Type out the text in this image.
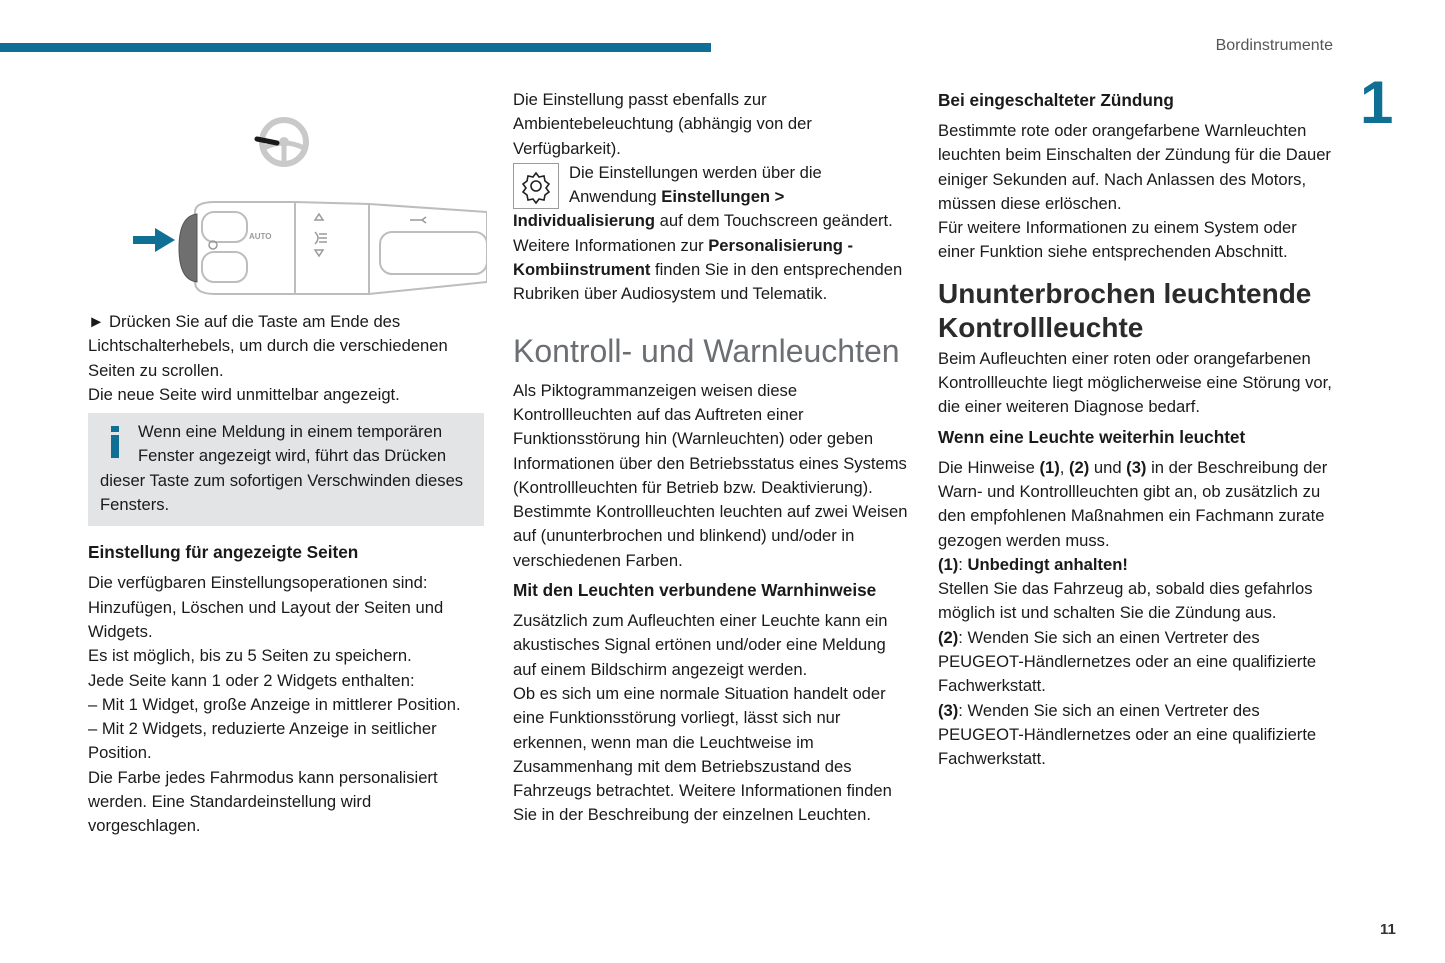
Bordinstrumente
1
11
AUTO

► Drücken Sie auf die Taste am Ende des Lichtschalterhebels, um durch die verschiedenen Seiten zu scrollen.

Die neue Seite wird unmittelbar angezeigt.

Wenn eine Meldung in einem temporären Fenster angezeigt wird, führt das Drücken

dieser Taste zum sofortigen Verschwinden dieses Fensters.

Einstellung für angezeigte Seiten

Die verfügbaren Einstellungsoperationen sind: Hinzufügen, Löschen und Layout der Seiten und Widgets.

Es ist möglich, bis zu 5 Seiten zu speichern.

Jede Seite kann 1 oder 2 Widgets enthalten:

– Mit 1 Widget, große Anzeige in mittlerer Position.

– Mit 2 Widgets, reduzierte Anzeige in seitlicher Position.

Die Farbe jedes Fahrmodus kann personalisiert werden. Eine Standardeinstellung wird vorgeschlagen.

Die Einstellung passt ebenfalls zur Ambientebeleuchtung (abhängig von der Verfügbarkeit).

Die Einstellungen werden über die Anwendung Einstellungen > Individualisierung auf dem Touchscreen geändert.

Weitere Informationen zur Personalisierung - Kombiinstrument finden Sie in den entsprechenden Rubriken über Audiosystem und Telematik.

Kontroll- und Warnleuchten

Als Piktogrammanzeigen weisen diese Kontrollleuchten auf das Auftreten einer Funktionsstörung hin (Warnleuchten) oder geben Informationen über den Betriebsstatus eines Systems (Kontrollleuchten für Betrieb bzw. Deaktivierung). Bestimmte Kontrollleuchten leuchten auf zwei Weisen auf (ununterbrochen und blinkend) und/oder in verschiedenen Farben.

Mit den Leuchten verbundene Warnhinweise

Zusätzlich zum Aufleuchten einer Leuchte kann ein akustisches Signal ertönen und/oder eine Meldung auf einem Bildschirm angezeigt werden.

Ob es sich um eine normale Situation handelt oder eine Funktionsstörung vorliegt, lässt sich nur erkennen, wenn man die Leuchtweise im Zusammenhang mit dem Betriebszustand des Fahrzeugs betrachtet. Weitere Informationen finden Sie in der Beschreibung der einzelnen Leuchten.

Bei eingeschalteter Zündung

Bestimmte rote oder orangefarbene Warnleuchten leuchten beim Einschalten der Zündung für die Dauer einiger Sekunden auf. Nach Anlassen des Motors, müssen diese erlöschen.

Für weitere Informationen zu einem System oder einer Funktion siehe entsprechenden Abschnitt.

Ununterbrochen leuchtende Kontrollleuchte

Beim Aufleuchten einer roten oder orangefarbenen Kontrollleuchte liegt möglicherweise eine Störung vor, die einer weiteren Diagnose bedarf.

Wenn eine Leuchte weiterhin leuchtet

Die Hinweise (1), (2) und (3) in der Beschreibung der Warn- und Kontrollleuchten gibt an, ob zusätzlich zu den empfohlenen Maßnahmen ein Fachmann zurate gezogen werden muss.

(1): Unbedingt anhalten!

Stellen Sie das Fahrzeug ab, sobald dies gefahrlos möglich ist und schalten Sie die Zündung aus.

(2): Wenden Sie sich an einen Vertreter des PEUGEOT-Händlernetzes oder an eine qualifizierte Fachwerkstatt.

(3): Wenden Sie sich an einen Vertreter des PEUGEOT-Händlernetzes oder an eine qualifizierte Fachwerkstatt.
